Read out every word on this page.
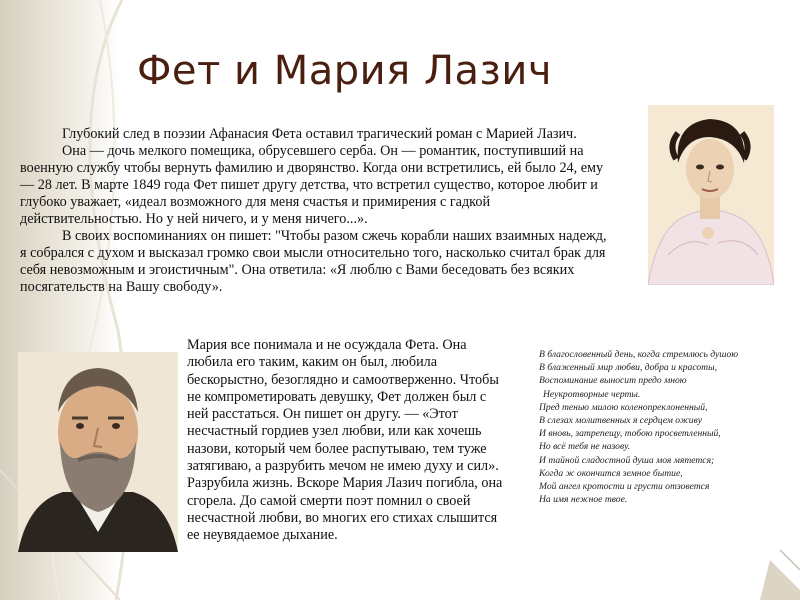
Фет и Мария Лазич

Глубокий след в поэзии Афанасия Фета оставил трагический роман с Марией Лазич.

Она — дочь мелкого помещика, обрусевшего серба. Он — романтик, поступивший на военную службу чтобы вернуть фамилию и дворянство. Когда они встретились, ей было 24, ему — 28 лет. В марте 1849 года Фет пишет другу детства, что встретил существо, которое любит и глубоко уважает, «идеал возможного для меня счастья и примирения с гадкой действительностью. Но у ней ничего, и у меня ничего...».

В своих воспоминаниях он пишет: "Чтобы разом сжечь корабли наших взаимных надежд, я собрался с духом и высказал громко свои мысли относительно того, насколько считал брак для себя невозможным и эгоистичным". Она ответила: «Я люблю с Вами беседовать без всяких посягательств на Вашу свободу».

Мария все понимала и не осуждала Фета. Она любила его таким, каким он был, любила бескорыстно, безоглядно и самоотверженно. Чтобы не компрометировать девушку, Фет должен был с ней расстаться. Он пишет он другу. — «Этот несчастный гордиев узел любви, или как хочешь назови, который чем более распутываю, тем туже затягиваю, а разрубить мечом не имею духу и сил». Разрубила жизнь. Вскоре Мария Лазич погибла, она сгорела. До самой смерти поэт помнил о своей несчастной любви, во многих его стихах слышится ее неувядаемое дыхание.

В благословенный день, когда стремлюсь душою
В блаженный мир любви, добра и красоты,
Воспоминание выносит предо мною
Неукротворные черты.
Пред тенью милою коленопреклоненный,
В слезах молитвенных я сердцем оживу
И вновь, затрепещу, тобою просветленный,
Но всё тебя не назову.
И тайной сладостной душа моя мятется;
Когда ж окончится земное бытие,
Мой ангел кротости и грусти отзовется
На имя нежное твое.
